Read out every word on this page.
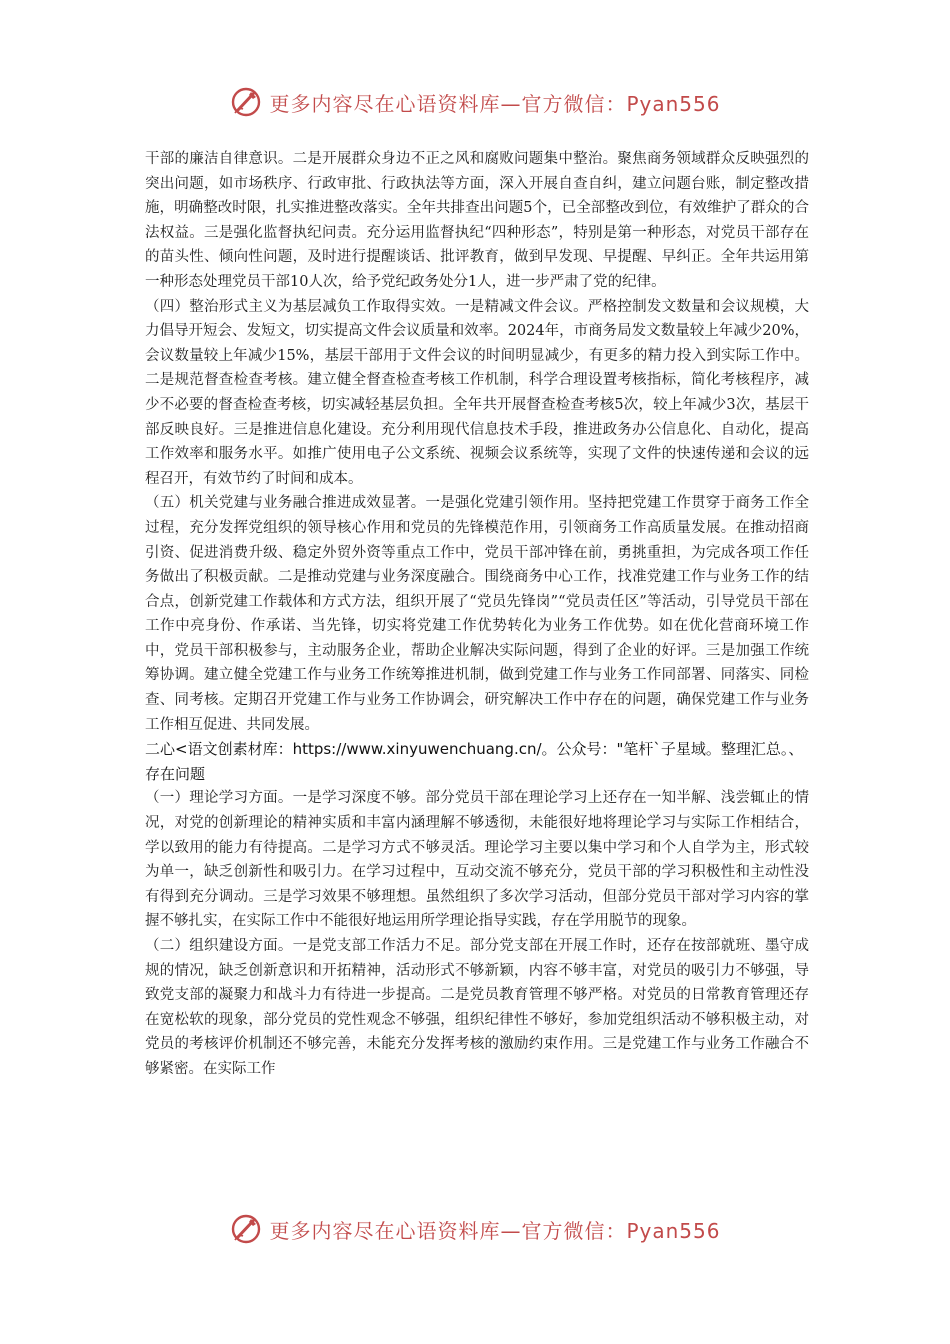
更多内容尽在心语资料库—官方微信：Pyan556

干部的廉洁自律意识。二是开展群众身边不正之风和腐败问题集中整治。聚焦商务领域群众反映强烈的突出问题，如市场秩序、行政审批、行政执法等方面，深入开展自查自纠，建立问题台账，制定整改措施，明确整改时限，扎实推进整改落实。全年共排查出问题5个，已全部整改到位，有效维护了群众的合法权益。三是强化监督执纪问责。充分运用监督执纪“四种形态”，特别是第一种形态，对党员干部存在的苗头性、倾向性问题，及时进行提醒谈话、批评教育，做到早发现、早提醒、早纠正。全年共运用第一种形态处理党员干部10人次，给予党纪政务处分1人，进一步严肃了党的纪律。

（四）整治形式主义为基层减负工作取得实效。一是精减文件会议。严格控制发文数量和会议规模，大力倡导开短会、发短文，切实提高文件会议质量和效率。2024年，市商务局发文数量较上年减少20%，会议数量较上年减少15%，基层干部用于文件会议的时间明显减少，有更多的精力投入到实际工作中。二是规范督查检查考核。建立健全督查检查考核工作机制，科学合理设置考核指标，简化考核程序，减少不必要的督查检查考核，切实减轻基层负担。全年共开展督查检查考核5次，较上年减少3次，基层干部反映良好。三是推进信息化建设。充分利用现代信息技术手段，推进政务办公信息化、自动化，提高工作效率和服务水平。如推广使用电子公文系统、视频会议系统等，实现了文件的快速传递和会议的远程召开，有效节约了时间和成本。

（五）机关党建与业务融合推进成效显著。一是强化党建引领作用。坚持把党建工作贯穿于商务工作全过程，充分发挥党组织的领导核心作用和党员的先锋模范作用，引领商务工作高质量发展。在推动招商引资、促进消费升级、稳定外贸外资等重点工作中，党员干部冲锋在前，勇挑重担，为完成各项工作任务做出了积极贡献。二是推动党建与业务深度融合。围绕商务中心工作，找准党建工作与业务工作的结合点，创新党建工作载体和方式方法，组织开展了“党员先锋岗”“党员责任区”等活动，引导党员干部在工作中亮身份、作承诺、当先锋，切实将党建工作优势转化为业务工作优势。如在优化营商环境工作中，党员干部积极参与，主动服务企业，帮助企业解决实际问题，得到了企业的好评。三是加强工作统筹协调。建立健全党建工作与业务工作统筹推进机制，做到党建工作与业务工作同部署、同落实、同检查、同考核。定期召开党建工作与业务工作协调会，研究解决工作中存在的问题，确保党建工作与业务工作相互促进、共同发展。

二心<语文创素材库：https://www.xinyuwenchuang.cn/。公众号："笔杆`子星域。整理汇总。、存在问题

（一）理论学习方面。一是学习深度不够。部分党员干部在理论学习上还存在一知半解、浅尝辄止的情况，对党的创新理论的精神实质和丰富内涵理解不够透彻，未能很好地将理论学习与实际工作相结合，学以致用的能力有待提高。二是学习方式不够灵活。理论学习主要以集中学习和个人自学为主，形式较为单一，缺乏创新性和吸引力。在学习过程中，互动交流不够充分，党员干部的学习积极性和主动性没有得到充分调动。三是学习效果不够理想。虽然组织了多次学习活动，但部分党员干部对学习内容的掌握不够扎实，在实际工作中不能很好地运用所学理论指导实践，存在学用脱节的现象。

（二）组织建设方面。一是党支部工作活力不足。部分党支部在开展工作时，还存在按部就班、墨守成规的情况，缺乏创新意识和开拓精神，活动形式不够新颖，内容不够丰富，对党员的吸引力不够强，导致党支部的凝聚力和战斗力有待进一步提高。二是党员教育管理不够严格。对党员的日常教育管理还存在宽松软的现象，部分党员的党性观念不够强，组织纪律性不够好，参加党组织活动不够积极主动，对党员的考核评价机制还不够完善，未能充分发挥考核的激励约束作用。三是党建工作与业务工作融合不够紧密。在实际工作

更多内容尽在心语资料库—官方微信：Pyan556
